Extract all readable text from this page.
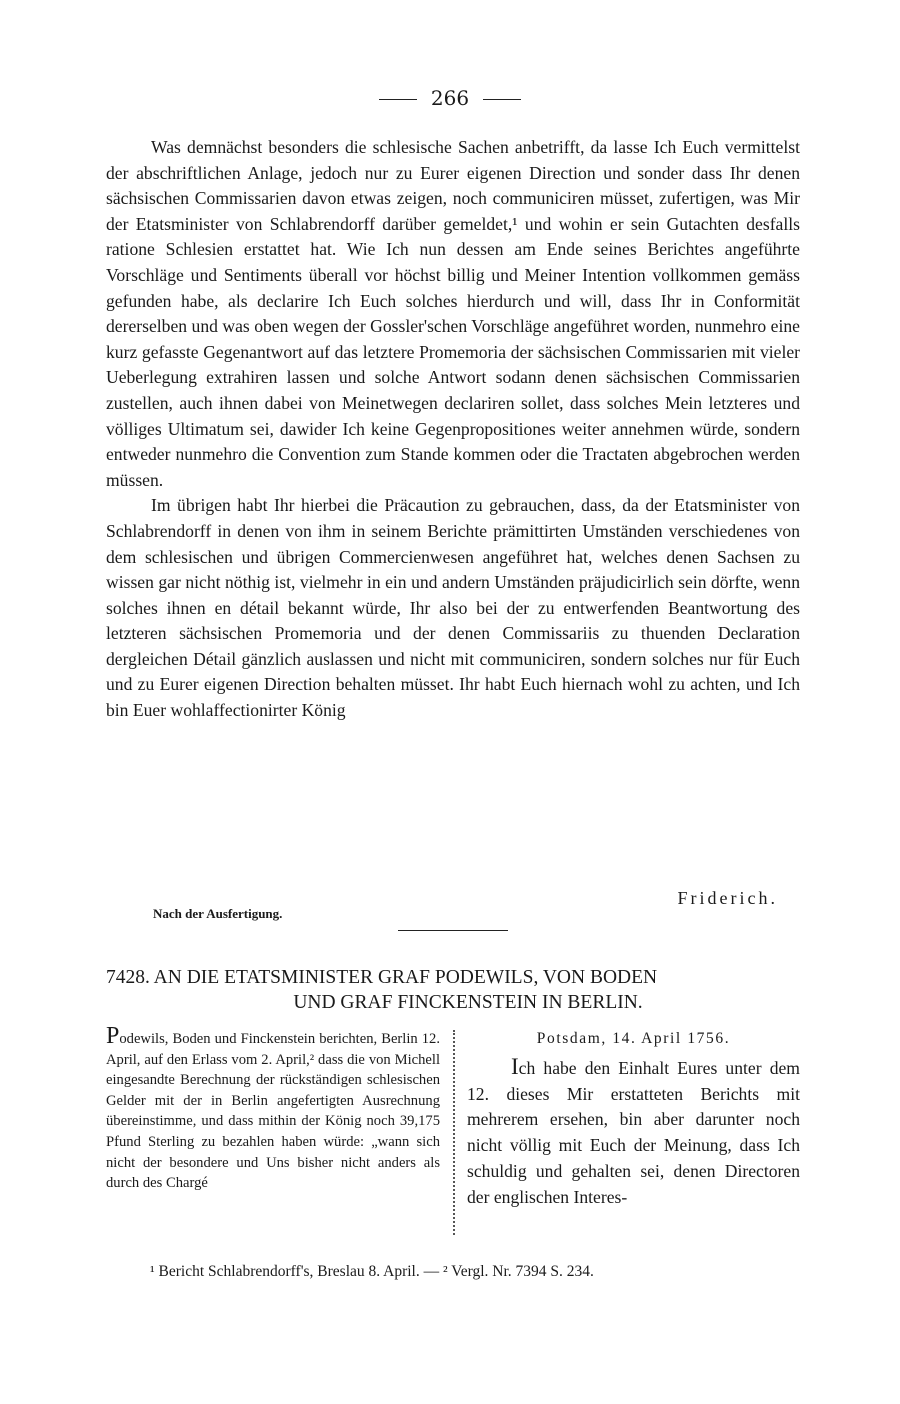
266

Was demnächst besonders die schlesische Sachen anbetrifft, da lasse Ich Euch vermittelst der abschriftlichen Anlage, jedoch nur zu Eurer eigenen Direction und sonder dass Ihr denen sächsischen Commissarien davon etwas zeigen, noch communiciren müsset, zufertigen, was Mir der Etatsminister von Schlabrendorff darüber gemeldet,¹ und wohin er sein Gutachten desfalls ratione Schlesien erstattet hat. Wie Ich nun dessen am Ende seines Berichtes angeführte Vorschläge und Sentiments überall vor höchst billig und Meiner Intention vollkommen gemäss gefunden habe, als declarire Ich Euch solches hierdurch und will, dass Ihr in Conformität dererselben und was oben wegen der Gossler'schen Vorschläge angeführet worden, nunmehro eine kurz gefasste Gegenantwort auf das letztere Promemoria der sächsischen Commissarien mit vieler Ueberlegung extrahiren lassen und solche Antwort sodann denen sächsischen Commissarien zustellen, auch ihnen dabei von Meinetwegen declariren sollet, dass solches Mein letzteres und völliges Ultimatum sei, dawider Ich keine Gegenpropositiones weiter annehmen würde, sondern entweder nunmehro die Convention zum Stande kommen oder die Tractaten abgebrochen werden müssen.

Im übrigen habt Ihr hierbei die Präcaution zu gebrauchen, dass, da der Etatsminister von Schlabrendorff in denen von ihm in seinem Berichte prämittirten Umständen verschiedenes von dem schlesischen und übrigen Commercienwesen angeführet hat, welches denen Sachsen zu wissen gar nicht nöthig ist, vielmehr in ein und andern Umständen präjudicirlich sein dörfte, wenn solches ihnen en détail bekannt würde, Ihr also bei der zu entwerfenden Beantwortung des letzteren sächsischen Promemoria und der denen Commissariis zu thuenden Declaration dergleichen Détail gänzlich auslassen und nicht mit communiciren, sondern solches nur für Euch und zu Eurer eigenen Direction behalten müsset. Ihr habt Euch hiernach wohl zu achten, und Ich bin Euer wohlaffectionirter König

Friderich.
Nach der Ausfertigung.
7428. AN DIE ETATSMINISTER GRAF PODEWILS, VON BODEN
UND GRAF FINCKENSTEIN IN BERLIN.
Podewils, Boden und Finckenstein berichten, Berlin 12. April, auf den Erlass vom 2. April,² dass die von Michell eingesandte Berechnung der rückständigen schlesischen Gelder mit der in Berlin angefertigten Ausrechnung übereinstimme, und dass mithin der König noch 39,175 Pfund Sterling zu bezahlen haben würde: „wann sich nicht der besondere und Uns bisher nicht anders als durch des Chargé
Potsdam, 14. April 1756.
Ich habe den Einhalt Eures unter dem 12. dieses Mir erstatteten Berichts mit mehrerem ersehen, bin aber darunter noch nicht völlig mit Euch der Meinung, dass Ich schuldig und gehalten sei, denen Directoren der englischen Interes-
¹ Bericht Schlabrendorff's, Breslau 8. April. — ² Vergl. Nr. 7394 S. 234.
